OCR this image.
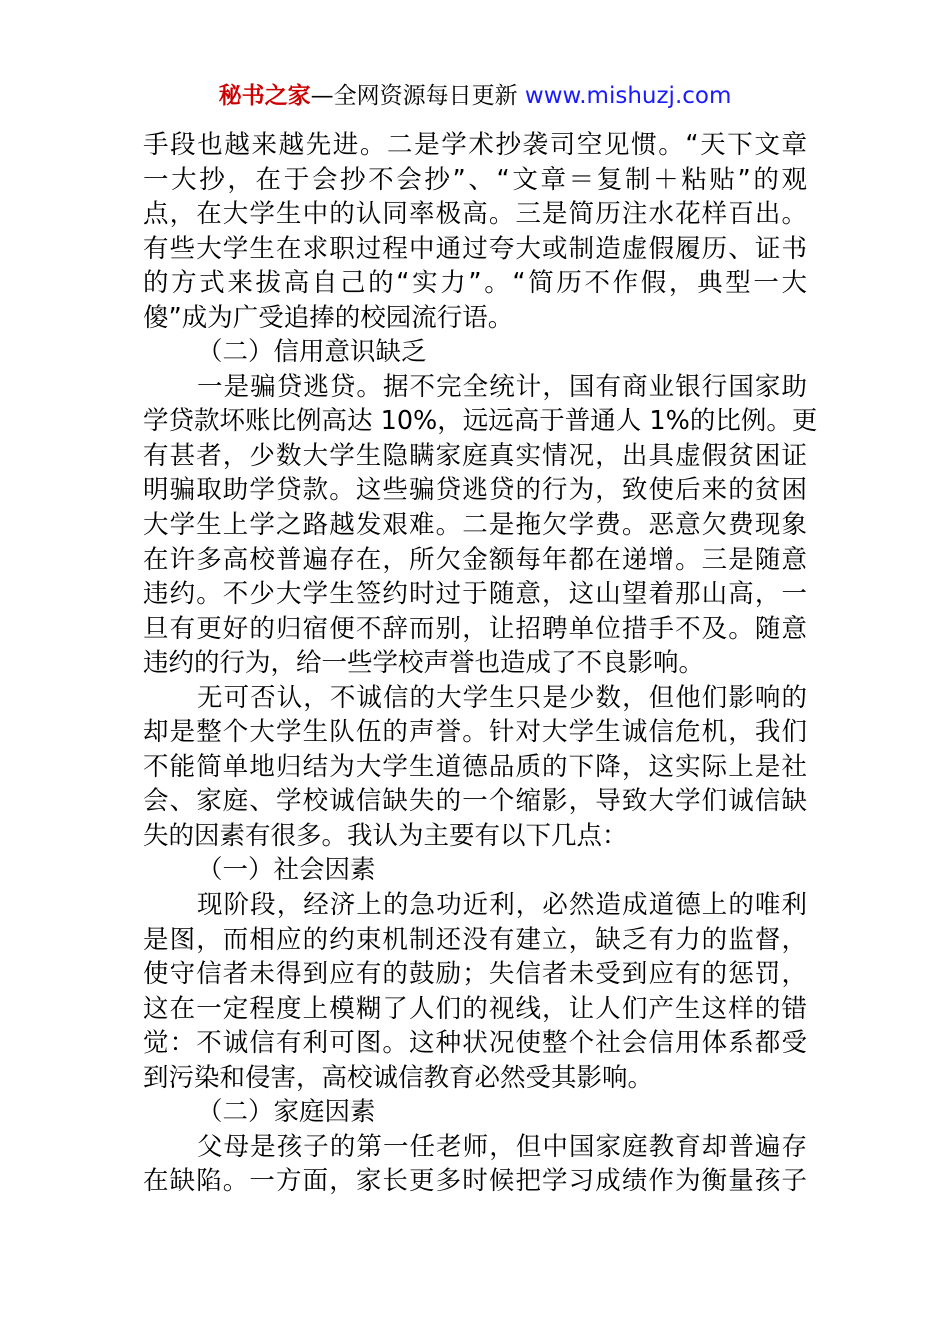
秘书之家—全网资源每日更新 www.mishuzj.com
手段也越来越先进。二是学术抄袭司空见惯。“天下文章
一大抄，在于会抄不会抄”、“文章＝复制＋粘贴”的观
点，在大学生中的认同率极高。三是简历注水花样百出。
有些大学生在求职过程中通过夸大或制造虚假履历、证书
的方式来拔高自己的“实力”。“简历不作假，典型一大
傻”成为广受追捧的校园流行语。
（二）信用意识缺乏
一是骗贷逃贷。据不完全统计，国有商业银行国家助
学贷款坏账比例高达 10%，远远高于普通人 1%的比例。更
有甚者，少数大学生隐瞒家庭真实情况，出具虚假贫困证
明骗取助学贷款。这些骗贷逃贷的行为，致使后来的贫困
大学生上学之路越发艰难。二是拖欠学费。恶意欠费现象
在许多高校普遍存在，所欠金额每年都在递增。三是随意
违约。不少大学生签约时过于随意，这山望着那山高，一
旦有更好的归宿便不辞而别，让招聘单位措手不及。随意
违约的行为，给一些学校声誉也造成了不良影响。
无可否认，不诚信的大学生只是少数，但他们影响的
却是整个大学生队伍的声誉。针对大学生诚信危机，我们
不能简单地归结为大学生道德品质的下降，这实际上是社
会、家庭、学校诚信缺失的一个缩影，导致大学们诚信缺
失的因素有很多。我认为主要有以下几点：
（一）社会因素
现阶段，经济上的急功近利，必然造成道德上的唯利
是图，而相应的约束机制还没有建立，缺乏有力的监督，
使守信者未得到应有的鼓励；失信者未受到应有的惩罚，
这在一定程度上模糊了人们的视线，让人们产生这样的错
觉：不诚信有利可图。这种状况使整个社会信用体系都受
到污染和侵害，高校诚信教育必然受其影响。
（二）家庭因素
父母是孩子的第一任老师，但中国家庭教育却普遍存
在缺陷。一方面，家长更多时候把学习成绩作为衡量孩子
